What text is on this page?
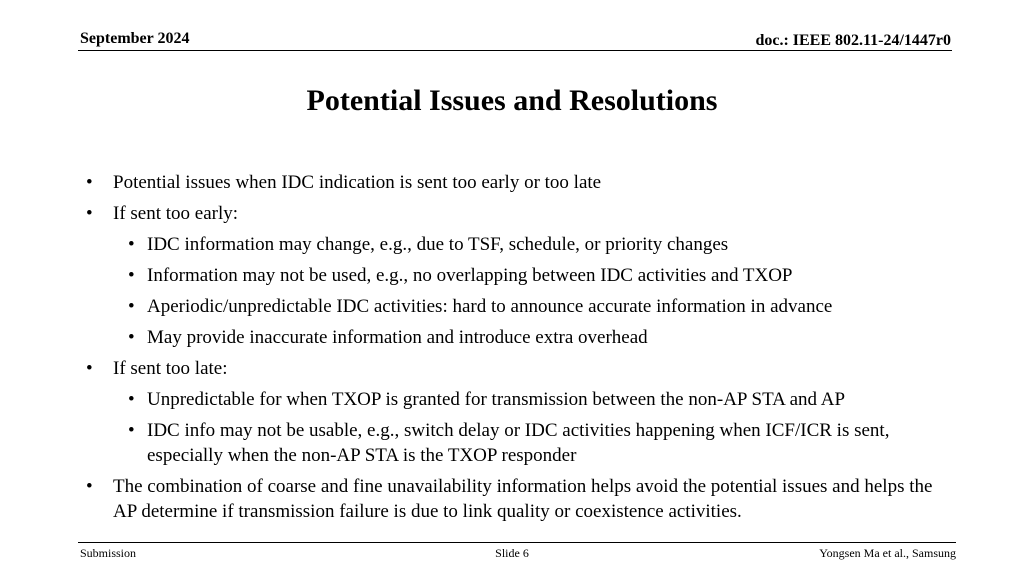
September 2024	doc.: IEEE 802.11-24/1447r0
Potential Issues and Resolutions
• Potential issues when IDC indication is sent too early or too late
• If sent too early:
• IDC information may change, e.g., due to TSF, schedule, or priority changes
• Information may not be used, e.g., no overlapping between IDC activities and TXOP
• Aperiodic/unpredictable IDC activities: hard to announce accurate information in advance
• May provide inaccurate information and introduce extra overhead
• If sent too late:
• Unpredictable for when TXOP is granted for transmission between the non-AP STA and AP
• IDC info may not be usable, e.g., switch delay or IDC activities happening when ICF/ICR is sent, especially when the non-AP STA is the TXOP responder
• The combination of coarse and fine unavailability information helps avoid the potential issues and helps the AP determine if transmission failure is due to link quality or coexistence activities.
Submission	Slide 6	Yongsen Ma et al., Samsung
